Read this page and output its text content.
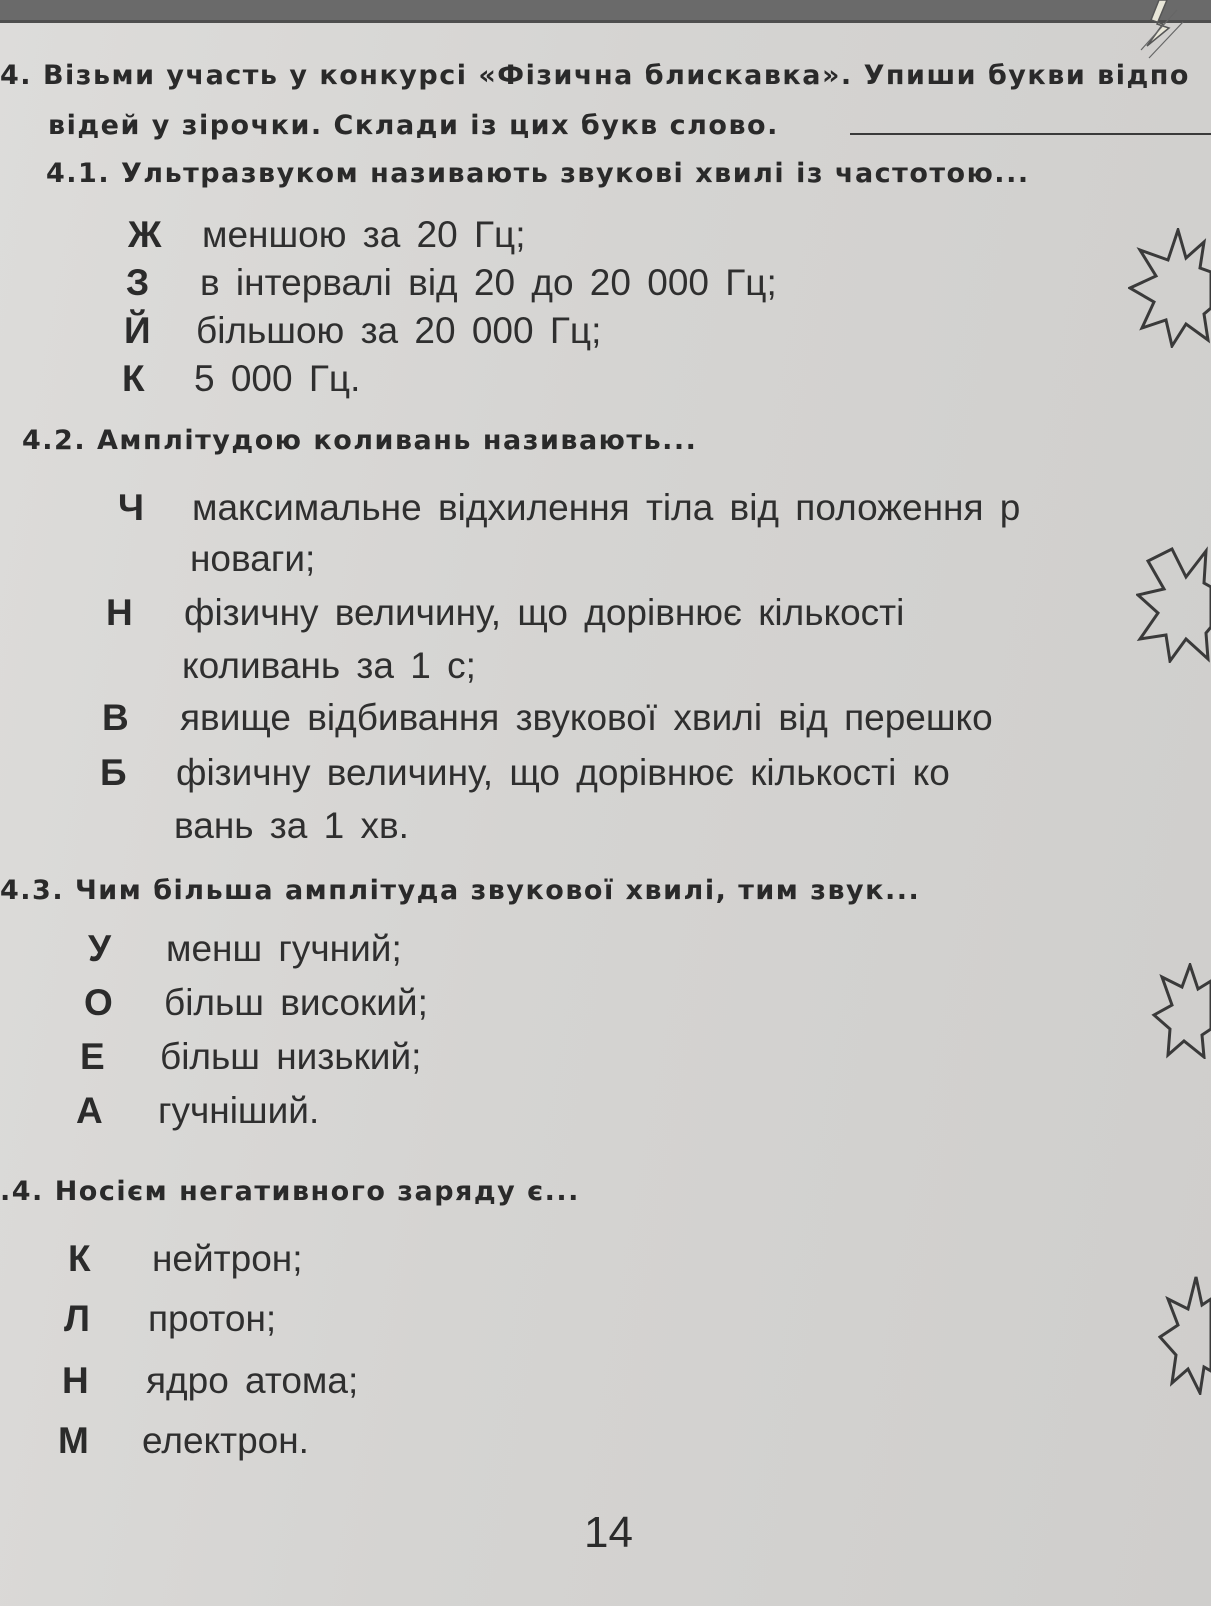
4. Візьми участь у конкурсі «Фізична блискавка». Упиши букви відпо
відей у зірочки. Склади із цих букв слово.
4.1. Ультразвуком називають звукові хвилі із частотою...
Ж меншою за 20 Гц;
З в інтервалі від 20 до 20 000 Гц;
Й більшою за 20 000 Гц;
К 5 000 Гц.
4.2. Амплітудою коливань називають...
Ч максимальне відхилення тіла від положення р
новаги;
Н фізичну величину, що дорівнює кількості
коливань за 1 с;
В явище відбивання звукової хвилі від перешко
Б фізичну величину, що дорівнює кількості ко
вань за 1 хв.
4.3. Чим більша амплітуда звукової хвилі, тим звук...
У менш гучний;
О більш високий;
Е більш низький;
А гучніший.
.4. Носієм негативного заряду є...
К нейтрон;
Л протон;
Н ядро атома;
М електрон.
14
